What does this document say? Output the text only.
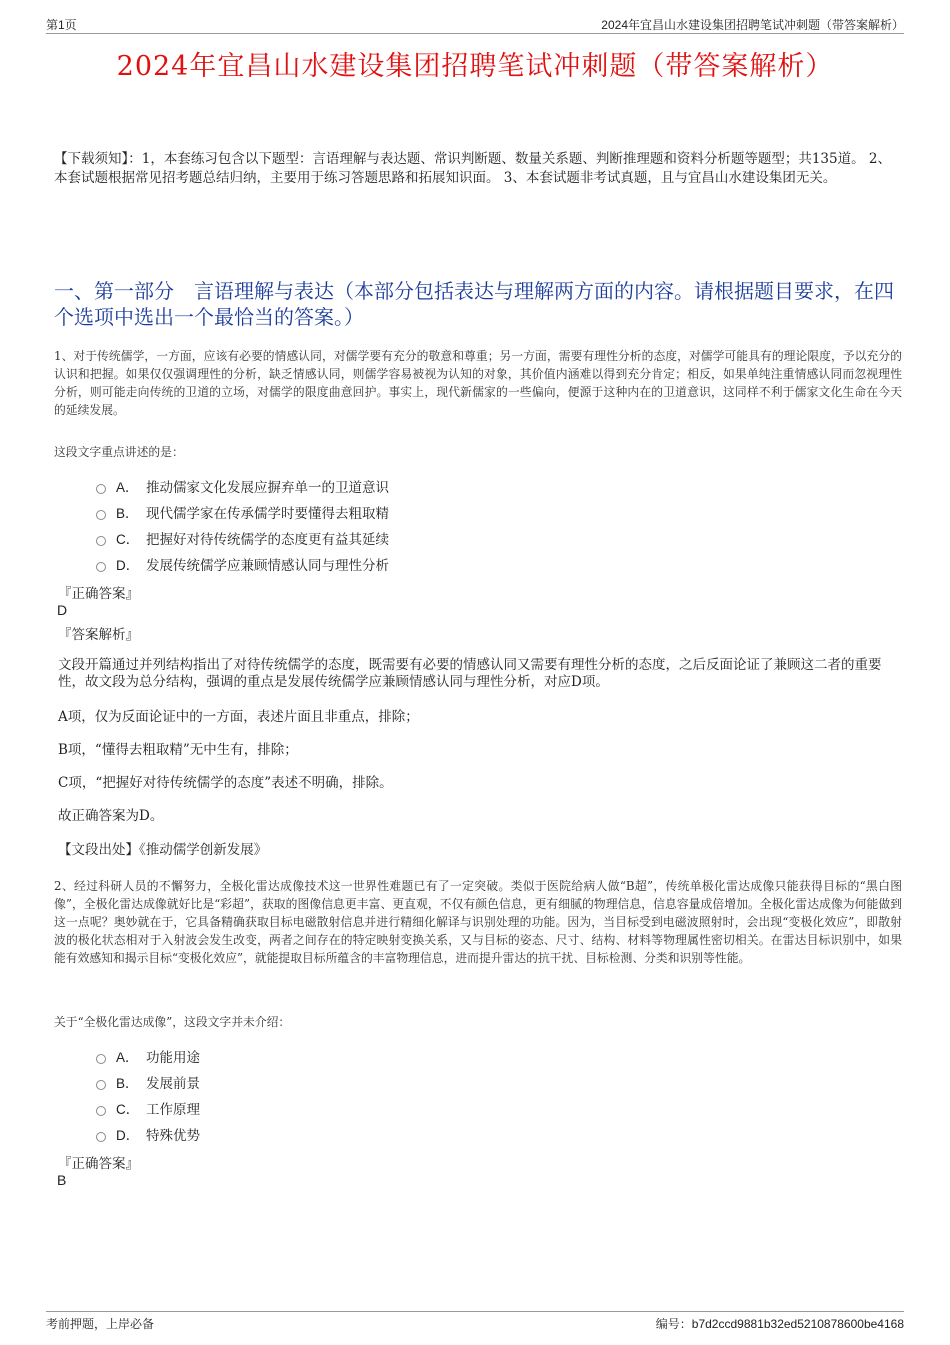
第1页	2024年宜昌山水建设集团招聘笔试冲刺题（带答案解析）
2024年宜昌山水建设集团招聘笔试冲刺题（带答案解析）
【下载须知】：1，本套练习包含以下题型：言语理解与表达题、常识判断题、数量关系题、判断推理题和资料分析题等题型；共135道。 2、本套试题根据常见招考题总结归纳，主要用于练习答题思路和拓展知识面。 3、本套试题非考试真题，且与宜昌山水建设集团无关。
一、第一部分　言语理解与表达（本部分包括表达与理解两方面的内容。请根据题目要求，在四个选项中选出一个最恰当的答案。）
1、对于传统儒学，一方面，应该有必要的情感认同，对儒学要有充分的敬意和尊重；另一方面，需要有理性分析的态度，对儒学可能具有的理论限度，予以充分的认识和把握。如果仅仅强调理性的分析，缺乏情感认同，则儒学容易被视为认知的对象，其价值内涵难以得到充分肯定；相反，如果单纯注重情感认同而忽视理性分析，则可能走向传统的卫道的立场，对儒学的限度曲意回护。事实上，现代新儒家的一些偏向，便源于这种内在的卫道意识，这同样不利于儒家文化生命在今天的延续发展。
这段文字重点讲述的是：
A． 推动儒家文化发展应摒弃单一的卫道意识
B． 现代儒学家在传承儒学时要懂得去粗取精
C． 把握好对待传统儒学的态度更有益其延续
D． 发展传统儒学应兼顾情感认同与理性分析
『正确答案』
D
『答案解析』
文段开篇通过并列结构指出了对待传统儒学的态度，既需要有必要的情感认同又需要有理性分析的态度，之后反面论证了兼顾这二者的重要性，故文段为总分结构，强调的重点是发展传统儒学应兼顾情感认同与理性分析，对应D项。
A项，仅为反面论证中的一方面，表述片面且非重点，排除；
B项，“懂得去粗取精”无中生有，排除；
C项，“把握好对待传统儒学的态度”表述不明确，排除。
故正确答案为D。
【文段出处】《推动儒学创新发展》
2、经过科研人员的不懈努力，全极化雷达成像技术这一世界性难题已有了一定突破。类似于医院给病人做“B超”，传统单极化雷达成像只能获得目标的“黑白图像”，全极化雷达成像就好比是“彩超”，获取的图像信息更丰富、更直观，不仅有颜色信息，更有细腻的物理信息，信息容量成倍增加。全极化雷达成像为何能做到这一点呢？奥妙就在于，它具备精确获取目标电磁散射信息并进行精细化解译与识别处理的功能。因为，当目标受到电磁波照射时，会出现“变极化效应”，即散射波的极化状态相对于入射波会发生改变，两者之间存在的特定映射变换关系，又与目标的姿态、尺寸、结构、材料等物理属性密切相关。在雷达目标识别中，如果能有效感知和揭示目标“变极化效应”，就能提取目标所蕴含的丰富物理信息，进而提升雷达的抗干扰、目标检测、分类和识别等性能。
关于“全极化雷达成像”，这段文字并未介绍：
A． 功能用途
B． 发展前景
C． 工作原理
D． 特殊优势
『正确答案』
B
考前押题，上岸必备	编号：b7d2ccd9881b32ed5210878600be4168
